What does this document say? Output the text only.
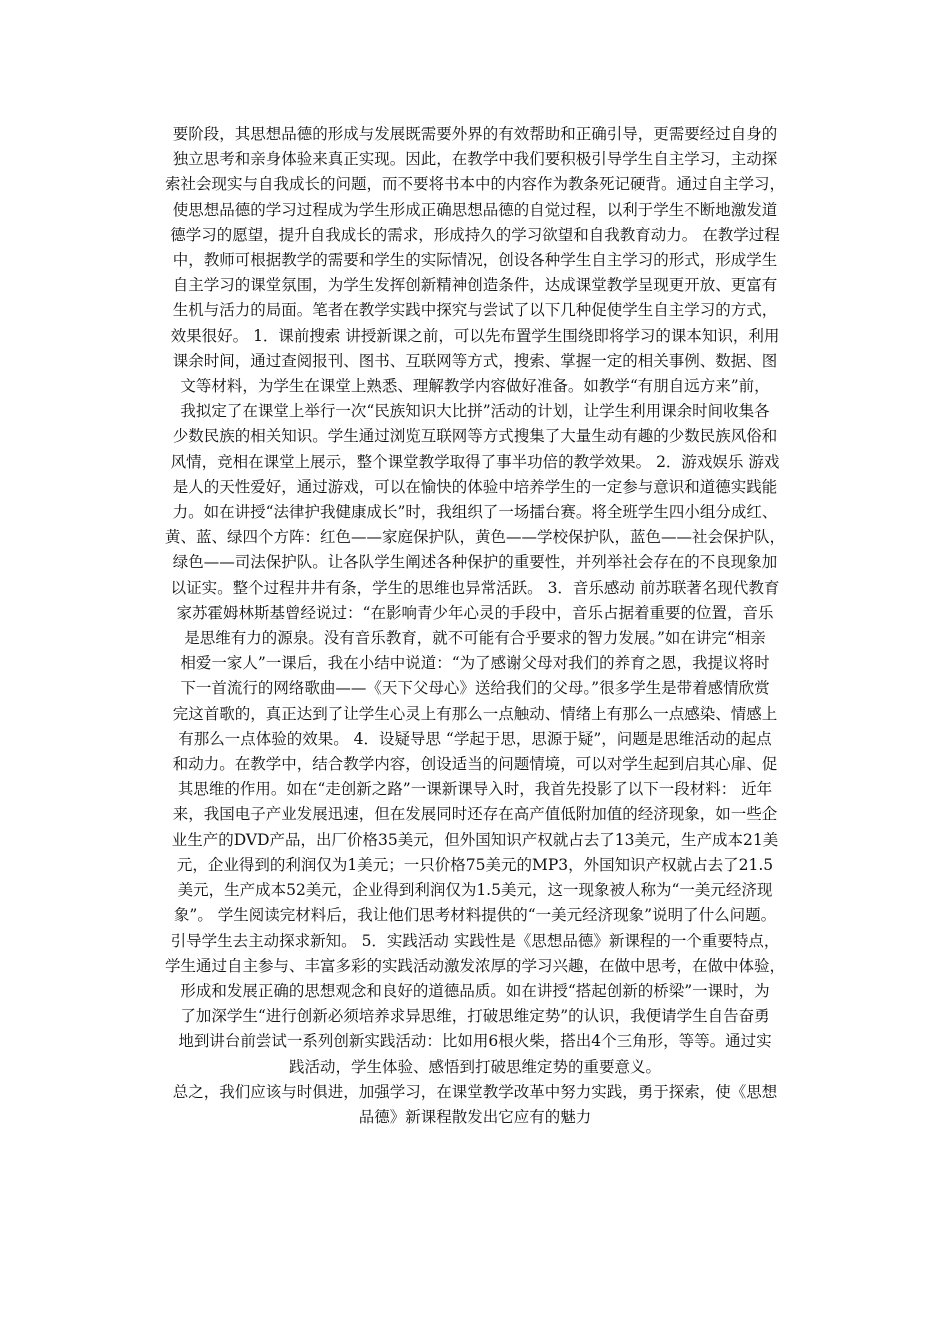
要阶段，其思想品德的形成与发展既需要外界的有效帮助和正确引导，更需要经过自身的
独立思考和亲身体验来真正实现。因此，在教学中我们要积极引导学生自主学习，主动探
索社会现实与自我成长的问题，而不要将书本中的内容作为教条死记硬背。通过自主学习，
使思想品德的学习过程成为学生形成正确思想品德的自觉过程，以利于学生不断地激发道
德学习的愿望，提升自我成长的需求，形成持久的学习欲望和自我教育动力。 在教学过程
中，教师可根据教学的需要和学生的实际情况，创设各种学生自主学习的形式，形成学生
自主学习的课堂氛围，为学生发挥创新精神创造条件，达成课堂教学呈现更开放、更富有
生机与活力的局面。笔者在教学实践中探究与尝试了以下几种促使学生自主学习的方式，
效果很好。 1．课前搜索 讲授新课之前，可以先布置学生围绕即将学习的课本知识，利用
课余时间，通过查阅报刊、图书、互联网等方式，搜索、掌握一定的相关事例、数据、图
文等材料，为学生在课堂上熟悉、理解教学内容做好准备。如教学“有朋自远方来”前，
我拟定了在课堂上举行一次“民族知识大比拼”活动的计划，让学生利用课余时间收集各
少数民族的相关知识。学生通过浏览互联网等方式搜集了大量生动有趣的少数民族风俗和
风情，竞相在课堂上展示，整个课堂教学取得了事半功倍的教学效果。 2．游戏娱乐 游戏
是人的天性爱好，通过游戏，可以在愉快的体验中培养学生的一定参与意识和道德实践能
力。如在讲授“法律护我健康成长”时，我组织了一场擂台赛。将全班学生四小组分成红、
黄、蓝、绿四个方阵：红色——家庭保护队，黄色——学校保护队，蓝色——社会保护队，
绿色——司法保护队。让各队学生阐述各种保护的重要性，并列举社会存在的不良现象加
以证实。整个过程井井有条，学生的思维也异常活跃。 3．音乐感动 前苏联著名现代教育
家苏霍姆林斯基曾经说过：“在影响青少年心灵的手段中，音乐占据着重要的位置，音乐
是思维有力的源泉。没有音乐教育，就不可能有合乎要求的智力发展。”如在讲完“相亲
相爱一家人”一课后，我在小结中说道：“为了感谢父母对我们的养育之恩，我提议将时
下一首流行的网络歌曲——《天下父母心》送给我们的父母。”很多学生是带着感情欣赏
完这首歌的，真正达到了让学生心灵上有那么一点触动、情绪上有那么一点感染、情感上
有那么一点体验的效果。 4．设疑导思 “学起于思，思源于疑”，问题是思维活动的起点
和动力。在教学中，结合教学内容，创设适当的问题情境，可以对学生起到启其心扉、促
其思维的作用。如在“走创新之路”一课新课导入时，我首先投影了以下一段材料： 近年
来，我国电子产业发展迅速，但在发展同时还存在高产值低附加值的经济现象，如一些企
业生产的DVD产品，出厂价格35美元，但外国知识产权就占去了13美元，生产成本21美
元，企业得到的利润仅为1美元；一只价格75美元的MP3，外国知识产权就占去了21.5
美元，生产成本52美元，企业得到利润仅为1.5美元，这一现象被人称为“一美元经济现
象”。 学生阅读完材料后，我让他们思考材料提供的“一美元经济现象”说明了什么问题。
引导学生去主动探求新知。 5．实践活动 实践性是《思想品德》新课程的一个重要特点，
学生通过自主参与、丰富多彩的实践活动激发浓厚的学习兴趣，在做中思考，在做中体验，
形成和发展正确的思想观念和良好的道德品质。如在讲授“搭起创新的桥梁”一课时，为
了加深学生“进行创新必须培养求异思维，打破思维定势”的认识，我便请学生自告奋勇
地到讲台前尝试一系列创新实践活动：比如用6根火柴，搭出4个三角形，等等。通过实
践活动，学生体验、感悟到打破思维定势的重要意义。
总之，我们应该与时俱进，加强学习，在课堂教学改革中努力实践，勇于探索，使《思想
品德》新课程散发出它应有的魅力
